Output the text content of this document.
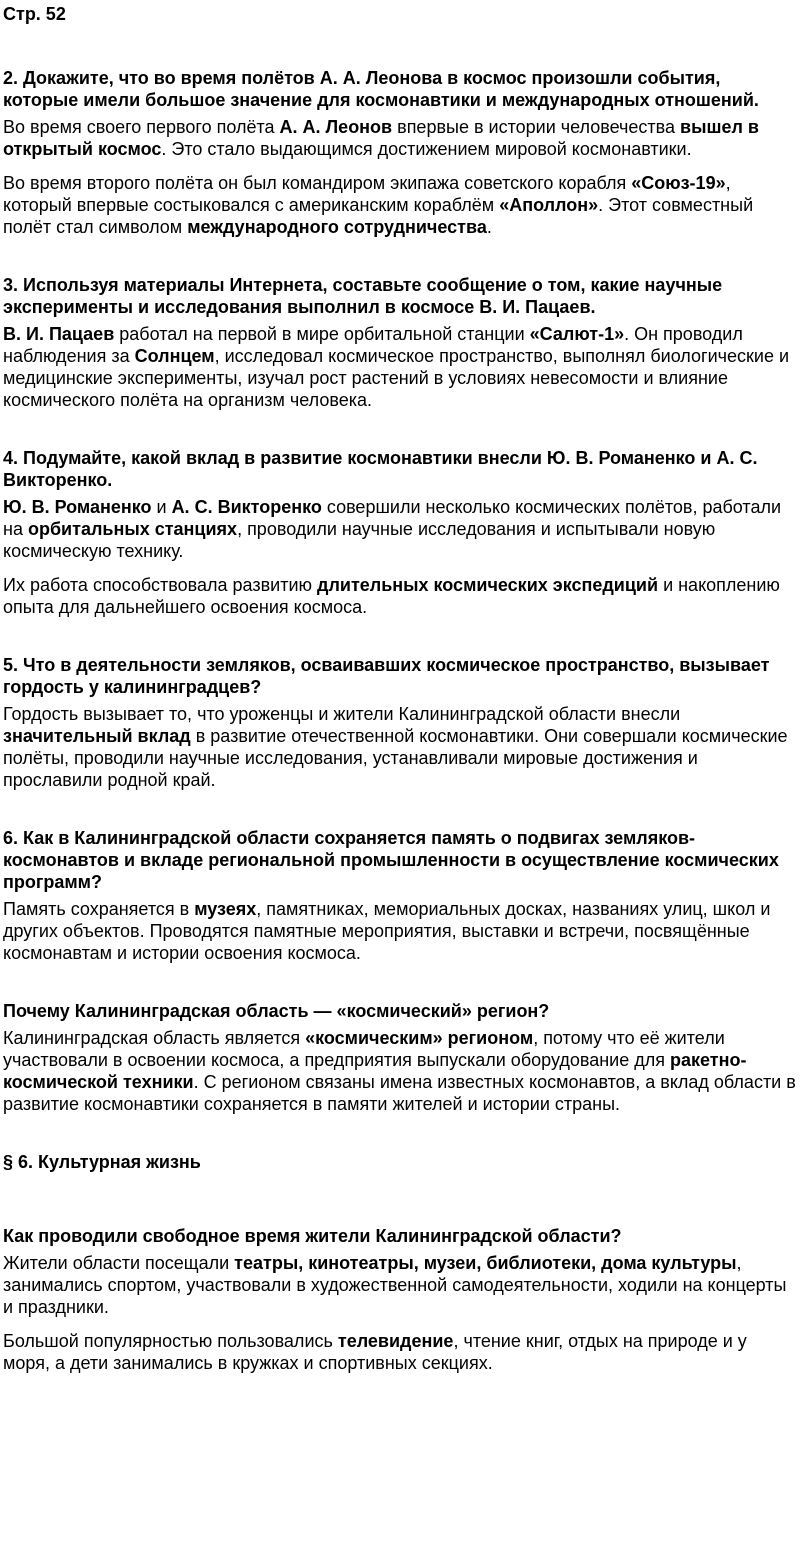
Стр. 52
2. Докажите, что во время полётов А. А. Леонова в космос произошли события, которые имели большое значение для космонавтики и международных отношений.
Во время своего первого полёта А. А. Леонов впервые в истории человечества вышел в открытый космос. Это стало выдающимся достижением мировой космонавтики.
Во время второго полёта он был командиром экипажа советского корабля «Союз-19», который впервые состыковался с американским кораблём «Аполлон». Этот совместный полёт стал символом международного сотрудничества.
3. Используя материалы Интернета, составьте сообщение о том, какие научные эксперименты и исследования выполнил в космосе В. И. Пацаев.
В. И. Пацаев работал на первой в мире орбитальной станции «Салют-1». Он проводил наблюдения за Солнцем, исследовал космическое пространство, выполнял биологические и медицинские эксперименты, изучал рост растений в условиях невесомости и влияние космического полёта на организм человека.
4. Подумайте, какой вклад в развитие космонавтики внесли Ю. В. Романенко и А. С. Викторенко.
Ю. В. Романенко и А. С. Викторенко совершили несколько космических полётов, работали на орбитальных станциях, проводили научные исследования и испытывали новую космическую технику.
Их работа способствовала развитию длительных космических экспедиций и накоплению опыта для дальнейшего освоения космоса.
5. Что в деятельности земляков, осваивавших космическое пространство, вызывает гордость у калининградцев?
Гордость вызывает то, что уроженцы и жители Калининградской области внесли значительный вклад в развитие отечественной космонавтики. Они совершали космические полёты, проводили научные исследования, устанавливали мировые достижения и прославили родной край.
6. Как в Калининградской области сохраняется память о подвигах земляков-космонавтов и вкладе региональной промышленности в осуществление космических программ?
Память сохраняется в музеях, памятниках, мемориальных досках, названиях улиц, школ и других объектов. Проводятся памятные мероприятия, выставки и встречи, посвящённые космонавтам и истории освоения космоса.
Почему Калининградская область — «космический» регион?
Калининградская область является «космическим» регионом, потому что её жители участвовали в освоении космоса, а предприятия выпускали оборудование для ракетно-космической техники. С регионом связаны имена известных космонавтов, а вклад области в развитие космонавтики сохраняется в памяти жителей и истории страны.
§ 6. Культурная жизнь
Как проводили свободное время жители Калининградской области?
Жители области посещали театры, кинотеатры, музеи, библиотеки, дома культуры, занимались спортом, участвовали в художественной самодеятельности, ходили на концерты и праздники.
Большой популярностью пользовались телевидение, чтение книг, отдых на природе и у моря, а дети занимались в кружках и спортивных секциях.
